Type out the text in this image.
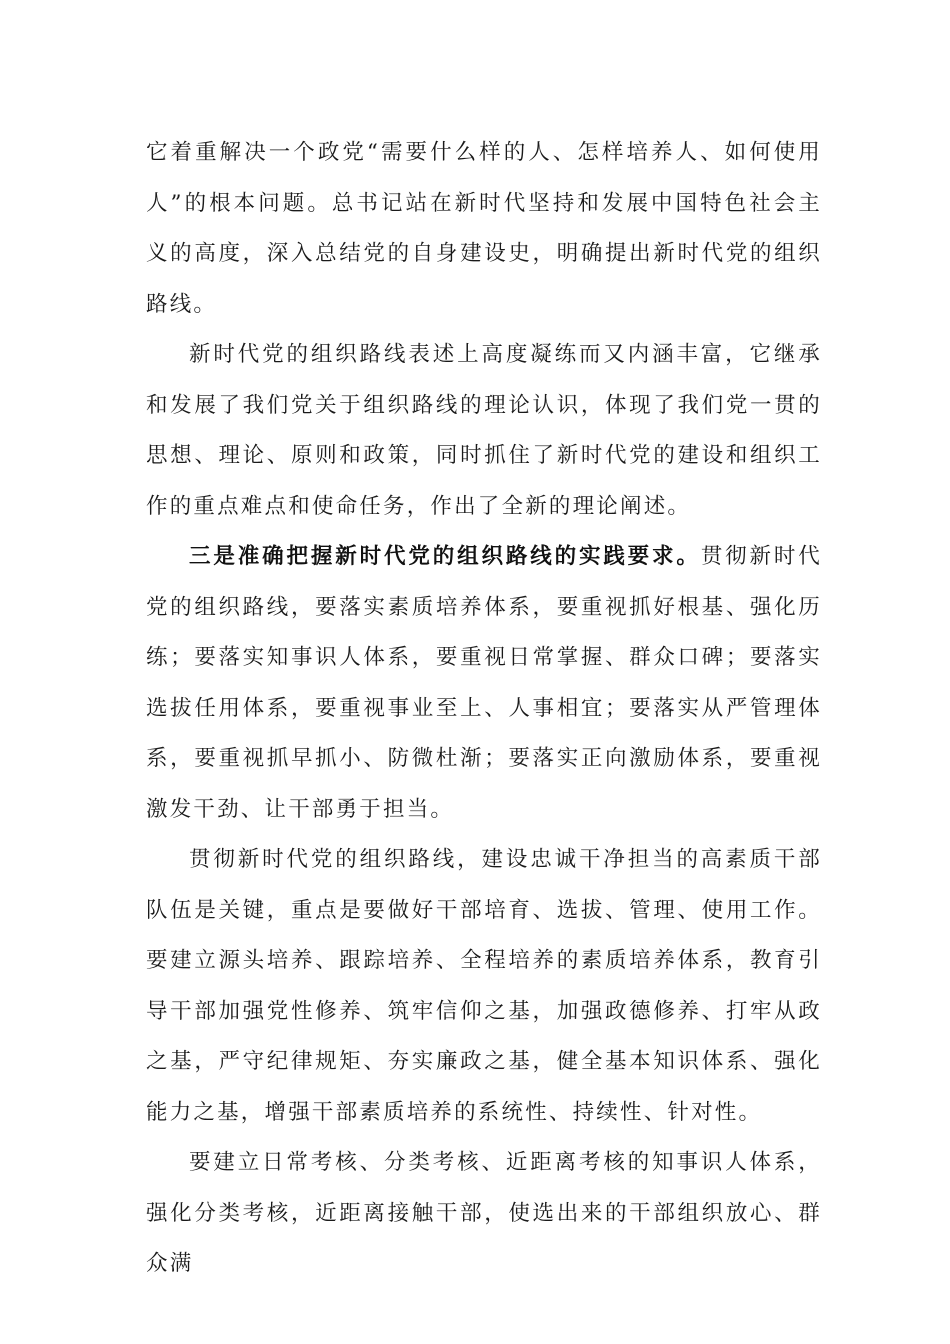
它着重解决一个政党“需要什么样的人、怎样培养人、如何使用人”的根本问题。总书记站在新时代坚持和发展中国特色社会主义的高度，深入总结党的自身建设史，明确提出新时代党的组织路线。

新时代党的组织路线表述上高度凝练而又内涵丰富，它继承和发展了我们党关于组织路线的理论认识，体现了我们党一贯的思想、理论、原则和政策，同时抓住了新时代党的建设和组织工作的重点难点和使命任务，作出了全新的理论阐述。

三是准确把握新时代党的组织路线的实践要求。贯彻新时代党的组织路线，要落实素质培养体系，要重视抓好根基、强化历练；要落实知事识人体系，要重视日常掌握、群众口碑；要落实选拔任用体系，要重视事业至上、人事相宜；要落实从严管理体系，要重视抓早抓小、防微杜渐；要落实正向激励体系，要重视激发干劲、让干部勇于担当。

贯彻新时代党的组织路线，建设忠诚干净担当的高素质干部队伍是关键，重点是要做好干部培育、选拔、管理、使用工作。要建立源头培养、跟踪培养、全程培养的素质培养体系，教育引导干部加强党性修养、筑牢信仰之基，加强政德修养、打牢从政之基，严守纪律规矩、夯实廉政之基，健全基本知识体系、强化能力之基，增强干部素质培养的系统性、持续性、针对性。

要建立日常考核、分类考核、近距离考核的知事识人体系，强化分类考核，近距离接触干部，使选出来的干部组织放心、群众满
